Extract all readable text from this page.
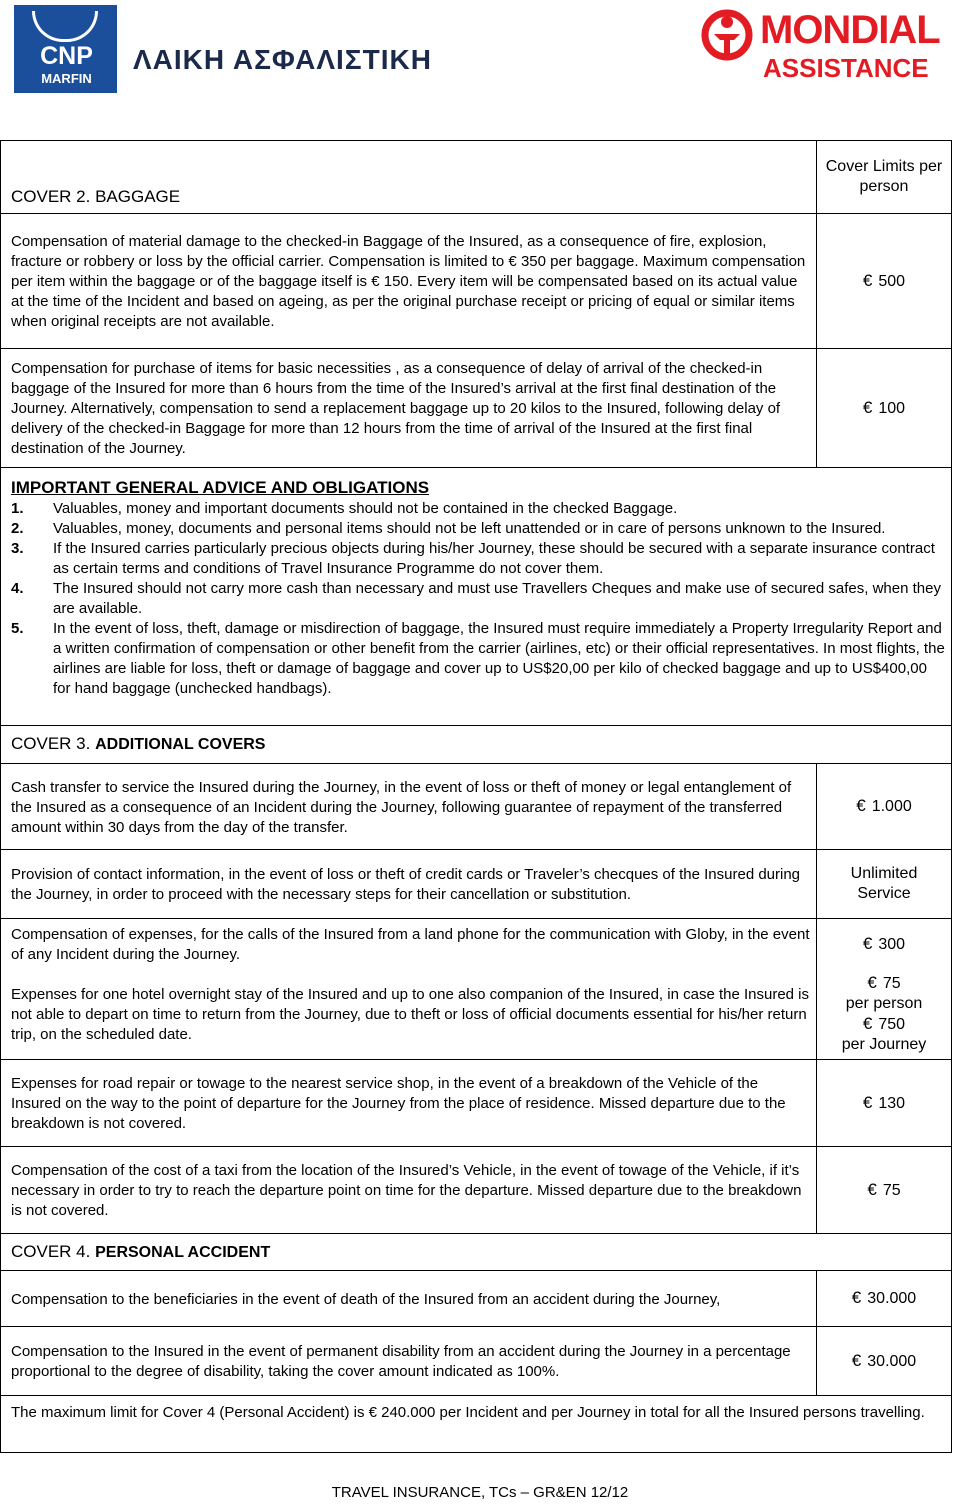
CNP
MARFIN
ΛΑΙΚΗ ΑΣΦΑΛΙΣΤΙΚΗ
MONDIAL
ASSISTANCE
COVER 2. BAGGAGE
Cover Limits per person
Compensation of material damage to the checked-in Baggage of the Insured, as a consequence of fire, explosion, fracture or robbery or loss by the official carrier. Compensation is limited to € 350 per baggage. Maximum compensation per item within the baggage or of the baggage itself is € 150. Every item will be compensated based on its actual value at the time of the Incident and based on ageing, as per the original purchase receipt or pricing of equal or similar items when original receipts are not available.
€ 500
Compensation for purchase of items for basic necessities , as a consequence of delay of arrival of the checked-in baggage of the Insured for more than 6 hours from the time of the Insured’s arrival at the first final destination of the Journey. Alternatively, compensation to send a replacement baggage up to 20 kilos to the Insured, following delay of delivery of the checked-in Baggage for more than 12 hours from the time of arrival of the Insured at the first final destination of the Journey.
€ 100
IMPORTANT GENERAL ADVICE AND OBLIGATIONS
1. Valuables, money and important documents should not be contained in the checked Baggage.
2. Valuables, money, documents and personal items should not be left unattended or in care of persons unknown to the Insured.
3. If the Insured carries particularly precious objects during his/her Journey, these should be secured with a separate insurance contract as certain terms and conditions of Travel Insurance Programme do not cover them.
4. The Insured should not carry more cash than necessary and must use Travellers Cheques and make use of secured safes, when they are available.
5. In the event of loss, theft, damage or misdirection of baggage, the Insured must require immediately a Property Irregularity Report and a written confirmation of compensation or other benefit from the carrier (airlines, etc) or their official representatives. In most flights, the airlines are liable for loss, theft or damage of baggage and cover up to US$20,00 per kilo of checked baggage and up to US$400,00 for hand baggage (unchecked handbags).
COVER 3. ADDITIONAL COVERS
Cash transfer to service the Insured during the Journey, in the event of loss or theft of money or legal entanglement of the Insured as a consequence of an Incident during the Journey, following guarantee of repayment of the transferred amount within 30 days from the day of the transfer.
€ 1.000
Provision of contact information, in the event of loss or theft of credit cards or Traveler’s checques of the Insured during the Journey, in order to proceed with the necessary steps for their cancellation or substitution.
Unlimited
Service
Compensation of expenses, for the calls of the Insured from a land phone for the communication with Globy, in the event of any Incident during the Journey.
€ 300
Expenses for one hotel overnight stay of the Insured and up to one also companion of the Insured, in case the Insured is not able to depart on time to return from the Journey, due to theft or loss of official documents essential for his/her return trip, on the scheduled date.
€ 75
per person
€ 750
per Journey
Expenses for road repair or towage to the nearest service shop, in the event of a breakdown of the Vehicle of the Insured on the way to the point of departure for the Journey from the place of residence. Missed departure due to the breakdown is not covered.
€ 130
Compensation of the cost of a taxi from the location of the Insured’s Vehicle, in the event of towage of the Vehicle, if it’s necessary in order to try to reach the departure point on time for the departure. Missed departure due to the breakdown is not covered.
€ 75
COVER 4. PERSONAL ACCIDENT
Compensation to the beneficiaries in the event of death of the Insured from an accident during the Journey,	€ 30.000
Compensation to the Insured in the event of permanent disability from an accident during the Journey in a percentage proportional to the degree of disability, taking the cover amount indicated as 100%.
€ 30.000
The maximum limit for Cover 4 (Personal Accident) is € 240.000 per Incident and per Journey in total for all the Insured persons travelling.
TRAVEL INSURANCE, TCs – GR&EN 12/12
